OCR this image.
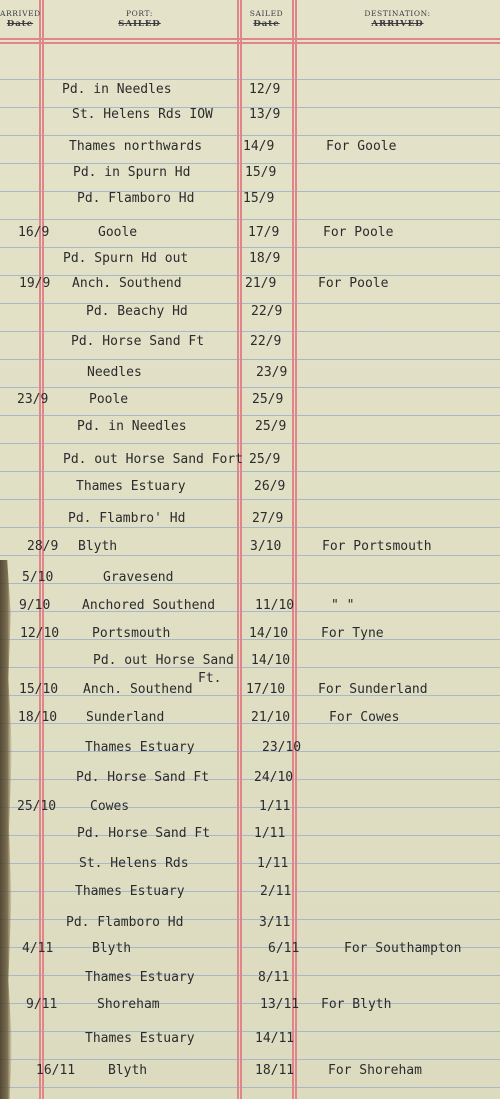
ARRIVED
Date
PORT:
SAILED
SAILED
Date
DESTINATION:
ARRIVED
Pd. in Needles	12/9
St. Helens Rds IOW	13/9
Thames northwards	14/9	For Goole
Pd. in Spurn Hd	15/9
Pd. Flamboro Hd	15/9
16/9	Goole	17/9	For Poole
Pd. Spurn Hd out	18/9
19/9 Anch. Southend	21/9	For Poole
Pd. Beachy Hd	22/9
Pd. Horse Sand Ft	22/9
Needles	23/9
23/9	Poole	25/9
Pd. in Needles	25/9
Pd. out Horse Sand Fort 25/9
Thames Estuary	26/9
Pd. Flambro' Hd	27/9
28/9 Blyth	3/10	For Portsmouth
5/10	Gravesend
9/10 Anchored Southend	11/10	" "
12/10	Portsmouth	14/10	For Tyne
Pd. out Horse Sand 14/10
Ft.
15/10 Anch. Southend	17/10	For Sunderland
18/10 Sunderland	21/10	For Cowes
Thames Estuary	23/10
Pd. Horse Sand Ft	24/10
25/10	Cowes	1/11
Pd. Horse Sand Ft	1/11
St. Helens Rds	1/11
Thames Estuary	2/11
Pd. Flamboro Hd	3/11
4/11	Blyth	6/11	For Southampton
Thames Estuary	8/11
9/11	Shoreham	13/11 For Blyth
Thames Estuary	14/11
16/11	Blyth	18/11	For Shoreham
